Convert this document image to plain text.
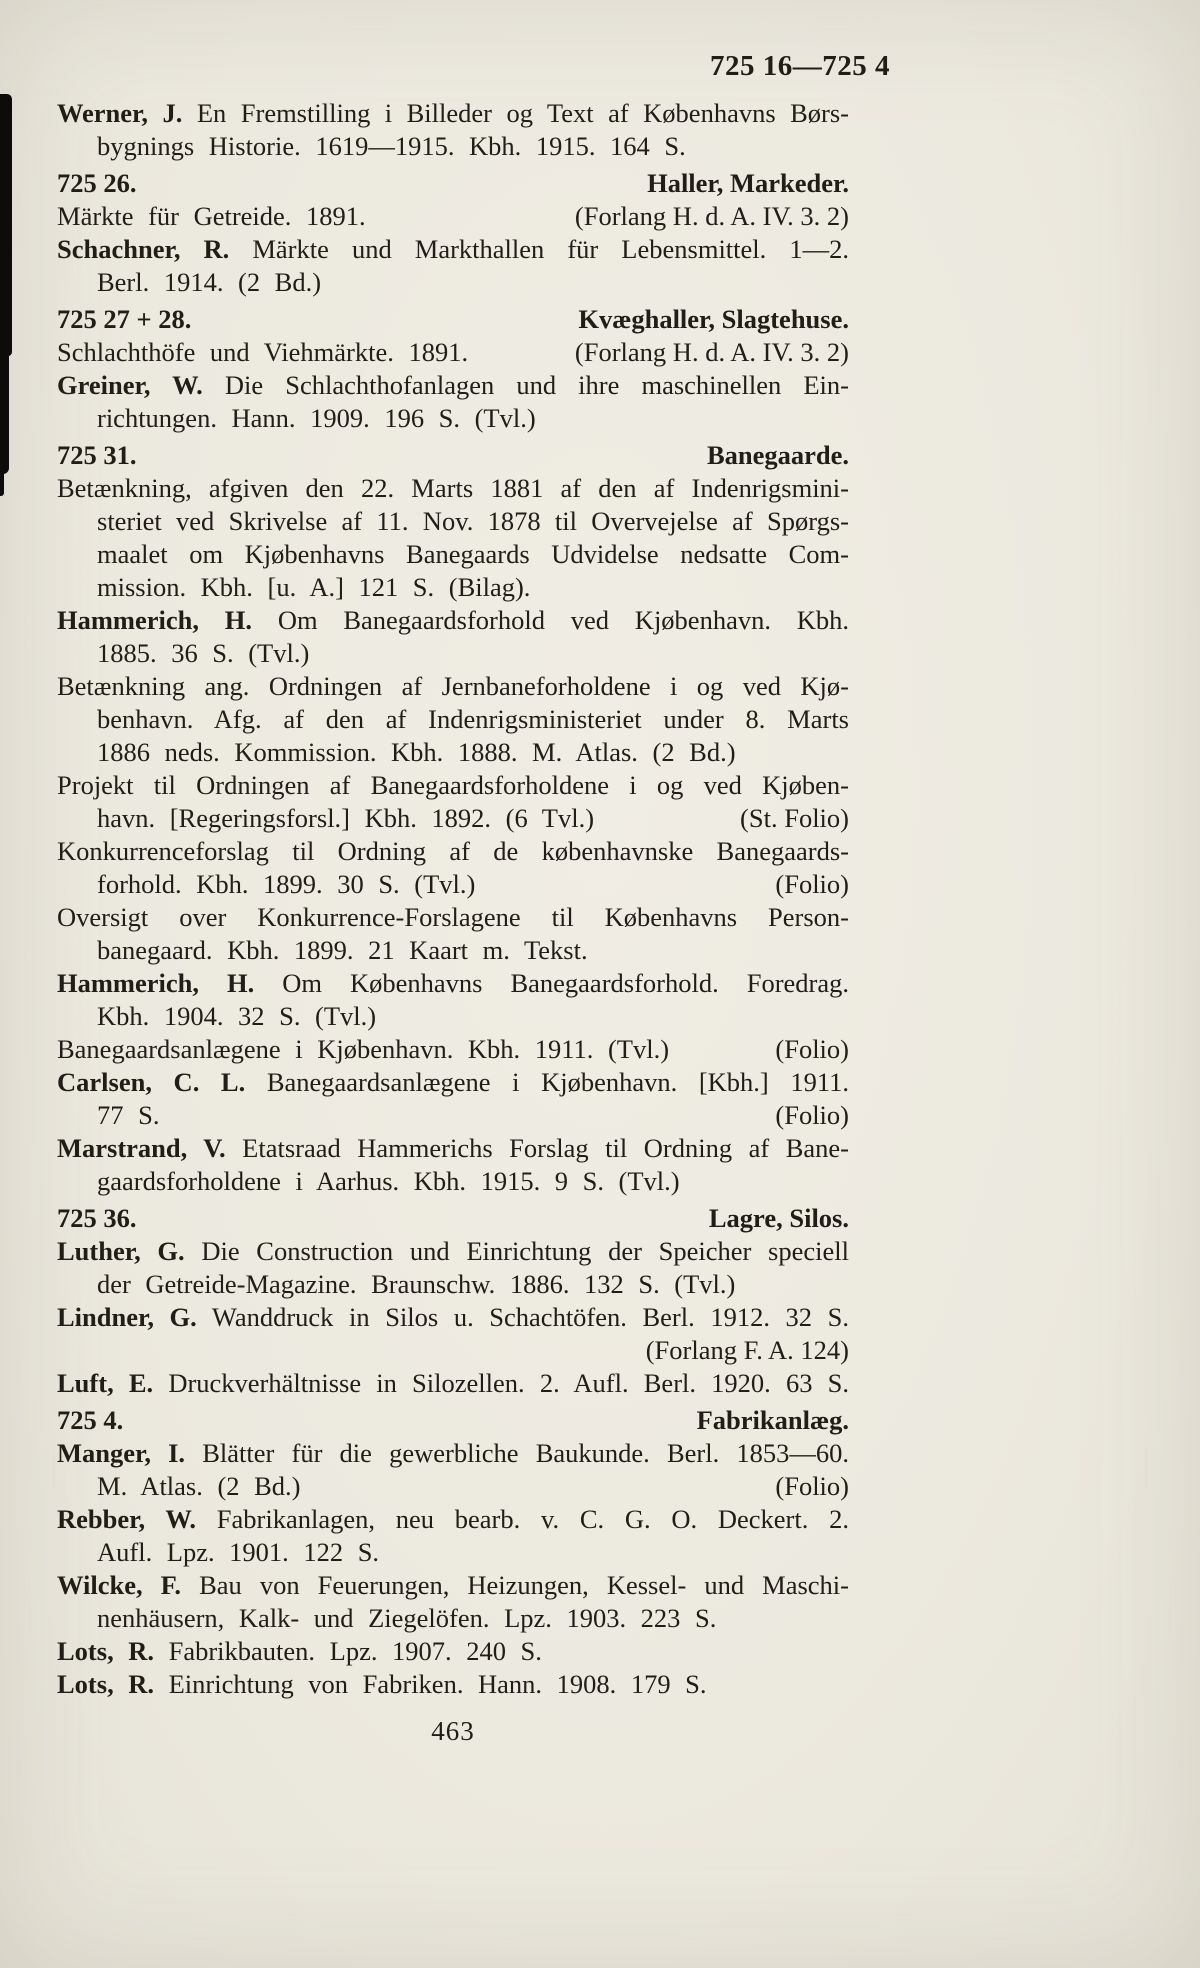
725 16—725 4
Werner, J. En Fremstilling i Billeder og Text af Københavns Børs-
bygnings Historie. 1619—1915. Kbh. 1915. 164 S.
725 26.	Haller, Markeder.
Märkte für Getreide. 1891.	(Forlang H. d. A. IV. 3. 2)
Schachner, R. Märkte und Markthallen für Lebensmittel. 1—2.
Berl. 1914. (2 Bd.)
725 27 + 28.	Kvæghaller, Slagtehuse.
Schlachthöfe und Viehmärkte. 1891.	(Forlang H. d. A. IV. 3. 2)
Greiner, W. Die Schlachthofanlagen und ihre maschinellen Ein-
richtungen. Hann. 1909. 196 S. (Tvl.)
725 31.	Banegaarde.
Betænkning, afgiven den 22. Marts 1881 af den af Indenrigsmini-
steriet ved Skrivelse af 11. Nov. 1878 til Overvejelse af Spørgs-
maalet om Kjøbenhavns Banegaards Udvidelse nedsatte Com-
mission. Kbh. [u. A.] 121 S. (Bilag).
Hammerich, H. Om Banegaardsforhold ved Kjøbenhavn. Kbh.
1885. 36 S. (Tvl.)
Betænkning ang. Ordningen af Jernbaneforholdene i og ved Kjø-
benhavn. Afg. af den af Indenrigsministeriet under 8. Marts
1886 neds. Kommission. Kbh. 1888. M. Atlas. (2 Bd.)
Projekt til Ordningen af Banegaardsforholdene i og ved Kjøben-
havn. [Regeringsforsl.] Kbh. 1892. (6 Tvl.)	(St. Folio)
Konkurrenceforslag til Ordning af de københavnske Banegaards-
forhold. Kbh. 1899. 30 S. (Tvl.)	(Folio)
Oversigt over Konkurrence-Forslagene til Københavns Person-
banegaard. Kbh. 1899. 21 Kaart m. Tekst.
Hammerich, H. Om Københavns Banegaardsforhold. Foredrag.
Kbh. 1904. 32 S. (Tvl.)
Banegaardsanlægene i Kjøbenhavn. Kbh. 1911. (Tvl.)	(Folio)
Carlsen, C. L. Banegaardsanlægene i Kjøbenhavn. [Kbh.] 1911.
77 S.	(Folio)
Marstrand, V. Etatsraad Hammerichs Forslag til Ordning af Bane-
gaardsforholdene i Aarhus. Kbh. 1915. 9 S. (Tvl.)
725 36.	Lagre, Silos.
Luther, G. Die Construction und Einrichtung der Speicher speciell
der Getreide-Magazine. Braunschw. 1886. 132 S. (Tvl.)
Lindner, G. Wanddruck in Silos u. Schachtöfen. Berl. 1912. 32 S.
(Forlang F. A. 124)
Luft, E. Druckverhältnisse in Silozellen. 2. Aufl. Berl. 1920. 63 S.
725 4.	Fabrikanlæg.
Manger, I. Blätter für die gewerbliche Baukunde. Berl. 1853—60.
M. Atlas. (2 Bd.)	(Folio)
Rebber, W. Fabrikanlagen, neu bearb. v. C. G. O. Deckert. 2.
Aufl. Lpz. 1901. 122 S.
Wilcke, F. Bau von Feuerungen, Heizungen, Kessel- und Maschi-
nenhäusern, Kalk- und Ziegelöfen. Lpz. 1903. 223 S.
Lots, R. Fabrikbauten. Lpz. 1907. 240 S.
Lots, R. Einrichtung von Fabriken. Hann. 1908. 179 S.
463
